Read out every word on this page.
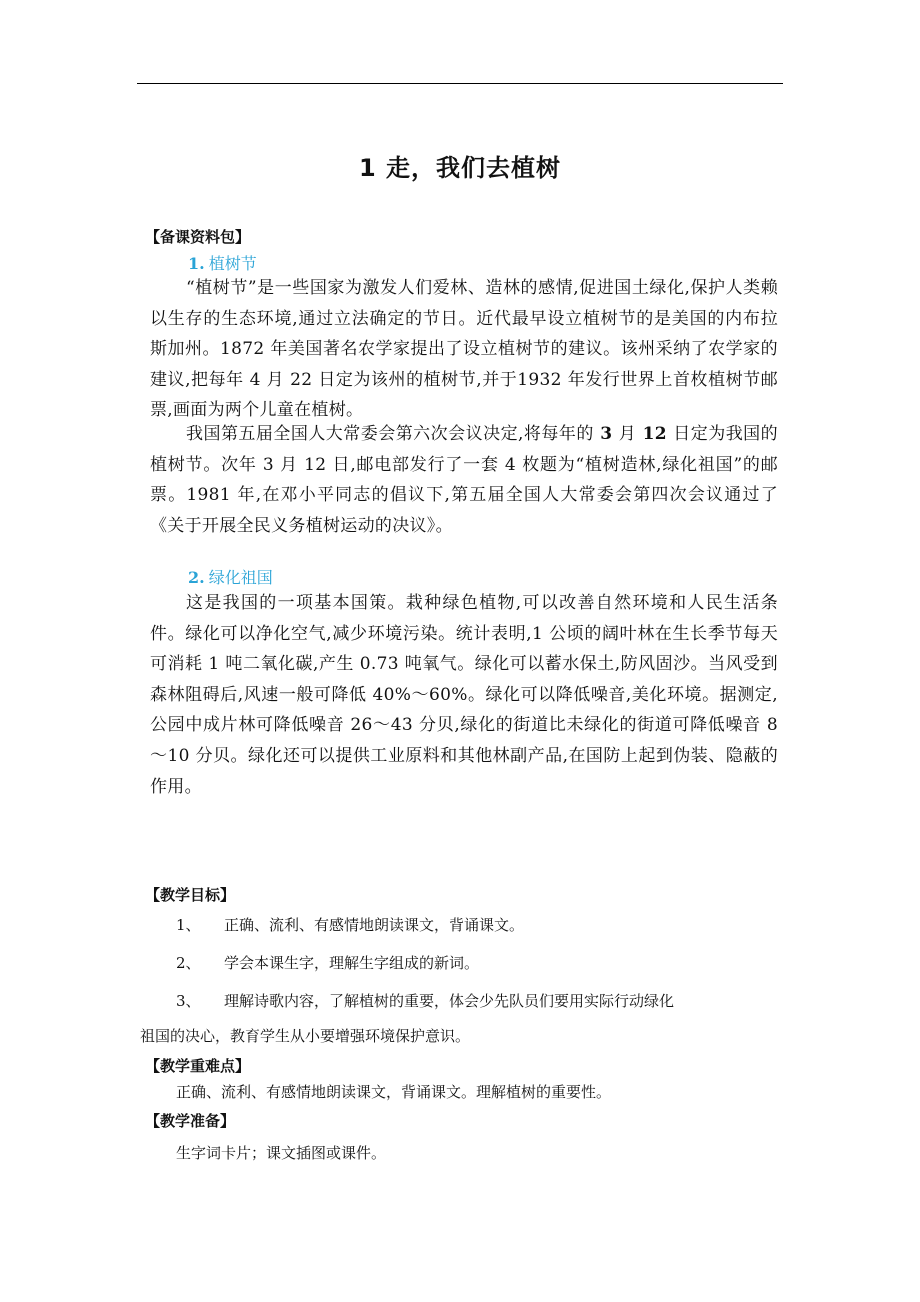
1 走，我们去植树
【备课资料包】
1. 植树节
“植树节”是一些国家为激发人们爱林、造林的感情,促进国土绿化,保护人类赖以生存的生态环境,通过立法确定的节日。近代最早设立植树节的是美国的内布拉斯加州。1872 年美国著名农学家提出了设立植树节的建议。该州采纳了农学家的建议,把每年 4 月 22 日定为该州的植树节,并于1932 年发行世界上首枚植树节邮票,画面为两个儿童在植树。
我国第五届全国人大常委会第六次会议决定,将每年的 3 月 12 日定为我国的植树节。次年 3 月 12 日,邮电部发行了一套 4 枚题为“植树造林,绿化祖国”的邮票。1981 年,在邓小平同志的倡议下,第五届全国人大常委会第四次会议通过了《关于开展全民义务植树运动的决议》。
2. 绿化祖国
这是我国的一项基本国策。栽种绿色植物,可以改善自然环境和人民生活条件。绿化可以净化空气,减少环境污染。统计表明,1 公顷的阔叶林在生长季节每天可消耗 1 吨二氧化碳,产生 0.73 吨氧气。绿化可以蓄水保土,防风固沙。当风受到森林阻碍后,风速一般可降低 40%～60%。绿化可以降低噪音,美化环境。据测定,公园中成片林可降低噪音 26～43 分贝,绿化的街道比未绿化的街道可降低噪音 8～10 分贝。绿化还可以提供工业原料和其他林副产品,在国防上起到伪装、隐蔽的作用。
【教学目标】
1、 正确、流利、有感情地朗读课文，背诵课文。
2、 学会本课生字，理解生字组成的新词。
3、 理解诗歌内容，了解植树的重要，体会少先队员们要用实际行动绿化
祖国的决心，教育学生从小要增强环境保护意识。
【教学重难点】
正确、流利、有感情地朗读课文，背诵课文。理解植树的重要性。
【教学准备】
生字词卡片；课文插图或课件。
